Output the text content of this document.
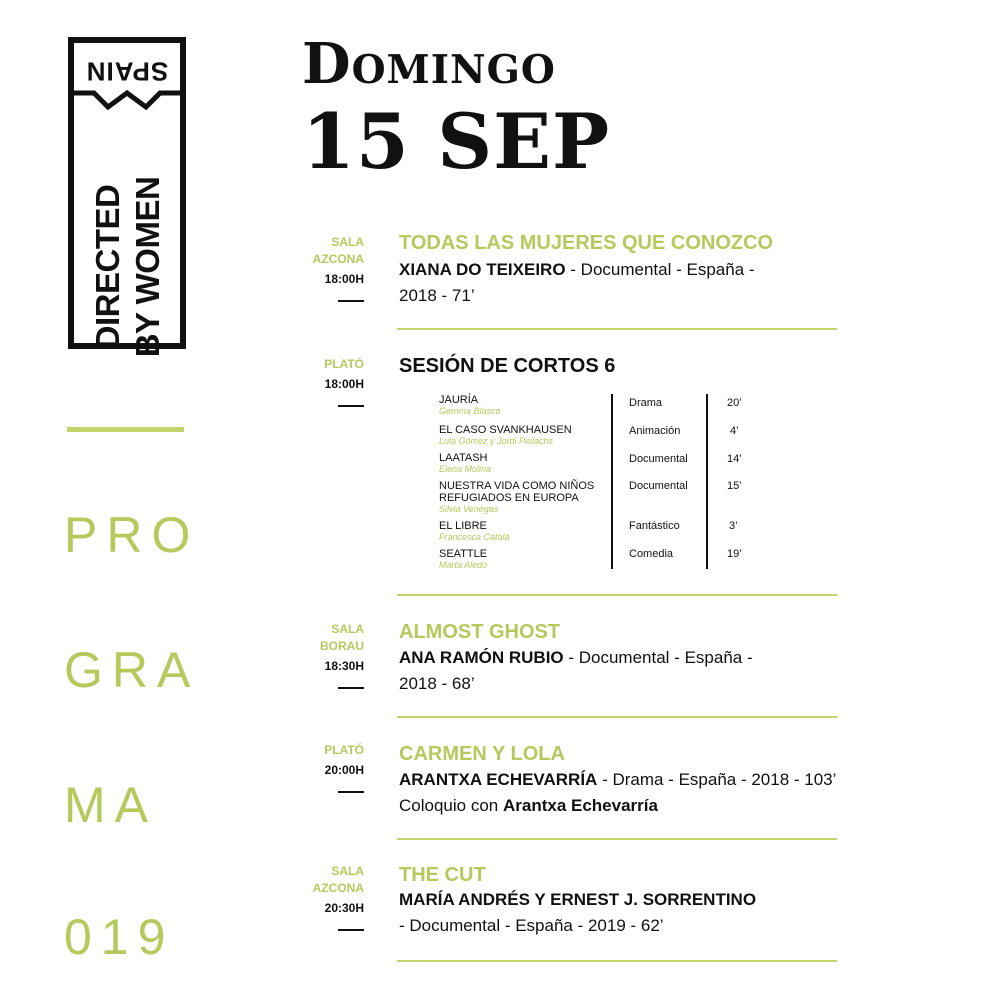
SPAIN
DIRECTED BY WOMEN
PRO
GRA
MA
019
Domingo
15 SEP
SALA
AZCONA
18:00H
TODAS LAS MUJERES QUE CONOZCO
XIANA DO TEIXEIRO - Documental - España -
2018 - 71’
PLATÓ
18:00H
SESIÓN DE CORTOS 6
JAURÍA
Gemma Blasco
Drama	20’
EL CASO SVANKHAUSEN
Lula Gómez y Jordi Piulachs
Animación	4’
LAATASH
Elena Molina
Documental	14’
NUESTRA VIDA COMO NIÑOS REFUGIADOS EN EUROPA
Silvia Venegas
Documental	15’
EL LIBRE
Francesca Catalá
Fantástico	3’
SEATTLE
Marta Aledo
Comedia	19’
SALA
BORAU
18:30H
ALMOST GHOST
ANA RAMÓN RUBIO - Documental - España -
2018 - 68’
PLATÓ
20:00H
CARMEN Y LOLA
ARANTXA ECHEVARRÍA - Drama - España - 2018 - 103’
Coloquio con Arantxa Echevarría
SALA
AZCONA
20:30H
THE CUT
MARÍA ANDRÉS Y ERNEST J. SORRENTINO
- Documental - España - 2019 - 62’
